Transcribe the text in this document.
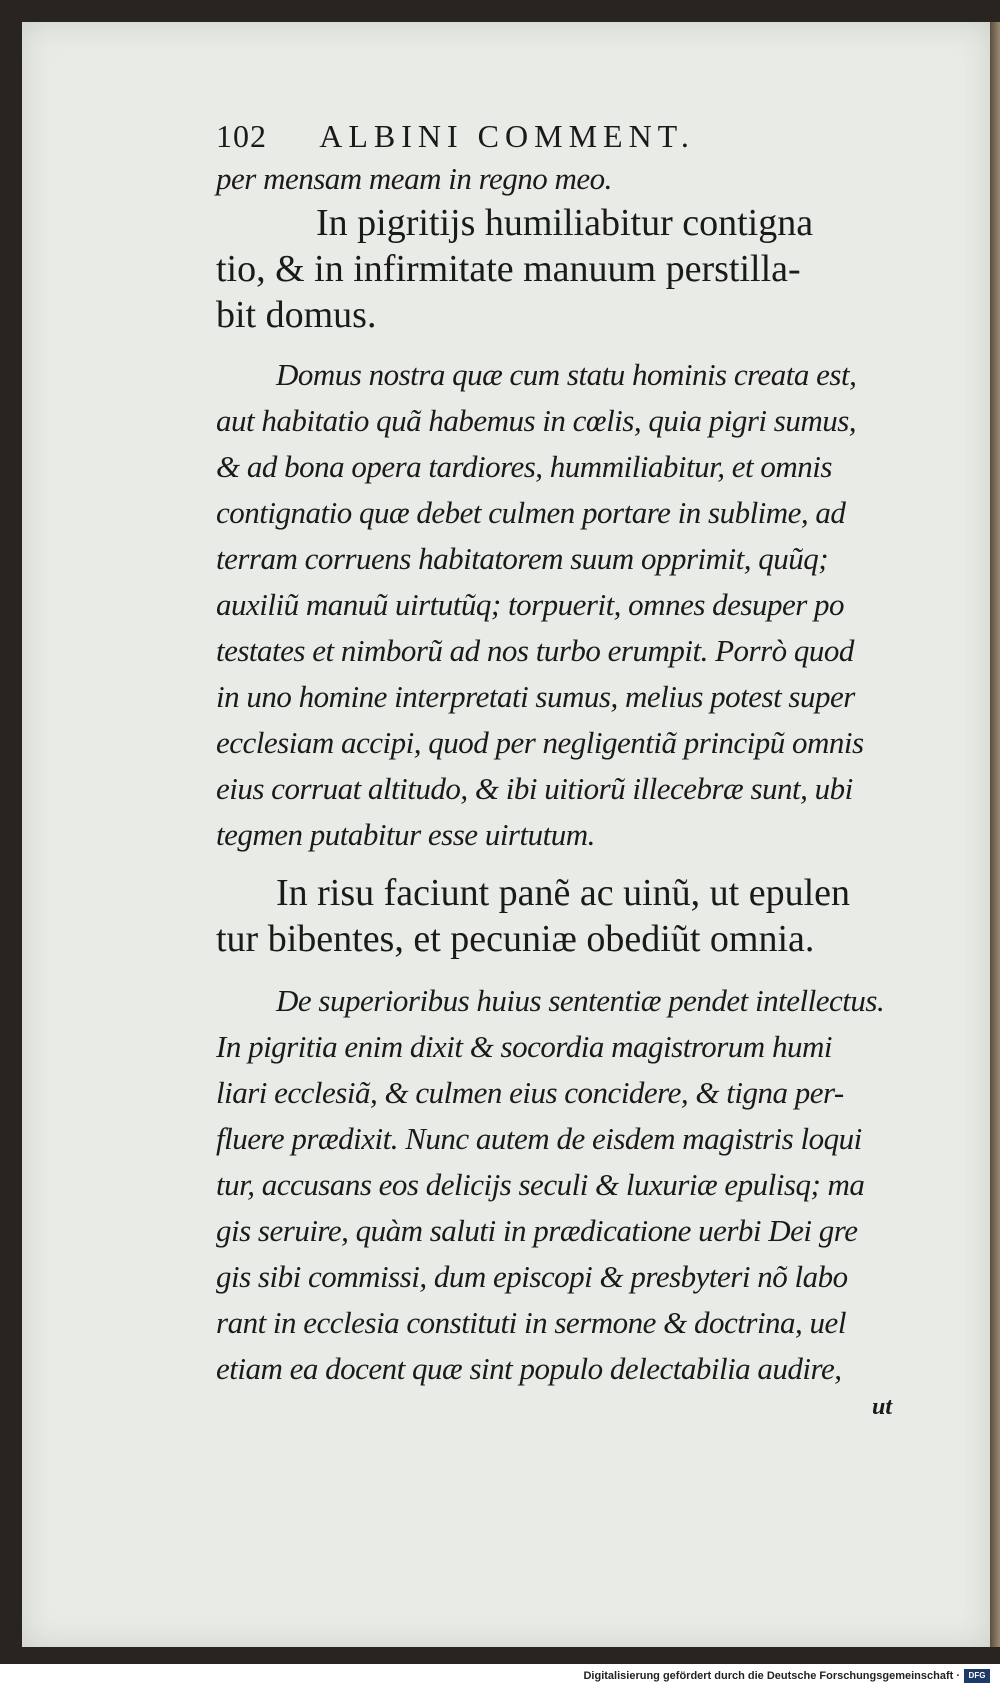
102 ALBINI COMMENT.
per mensam meam in regno meo.
In pigritijs humiliabitur contigna
tio, & in infirmitate manuum perstilla-
bit domus.
Domus nostra quæ cum statu hominis creata est,
aut habitatio quã habemus in cœlis, quia pigri sumus,
& ad bona opera tardiores, hummiliabitur, et omnis
contignatio quæ debet culmen portare in sublime, ad
terram corruens habitatorem suum opprimit, quũq;
auxiliũ manuũ uirtutũq; torpuerit, omnes desuper po
testates et nimborũ ad nos turbo erumpit. Porrò quod
in uno homine interpretati sumus, melius potest super
ecclesiam accipi, quod per negligentiã principũ omnis
eius corruat altitudo, & ibi uitiorũ illecebræ sunt, ubi
tegmen putabitur esse uirtutum.
In risu faciunt panẽ ac uinũ, ut epulen
tur bibentes, et pecuniæ obediũt omnia.
De superioribus huius sententiæ pendet intellectus.
In pigritia enim dixit & socordia magistrorum humi
liari ecclesiã, & culmen eius concidere, & tigna per-
fluere prædixit. Nunc autem de eisdem magistris loqui
tur, accusans eos delicijs seculi & luxuriæ epulisq; ma
gis seruire, quàm saluti in prædicatione uerbi Dei gre
gis sibi commissi, dum episcopi & presbyteri nõ labo
rant in ecclesia constituti in sermone & doctrina, uel
etiam ea docent quæ sint populo delectabilia audire,
ut
Digitalisierung gefördert durch die Deutsche Forschungsgemeinschaft ·	DFG
